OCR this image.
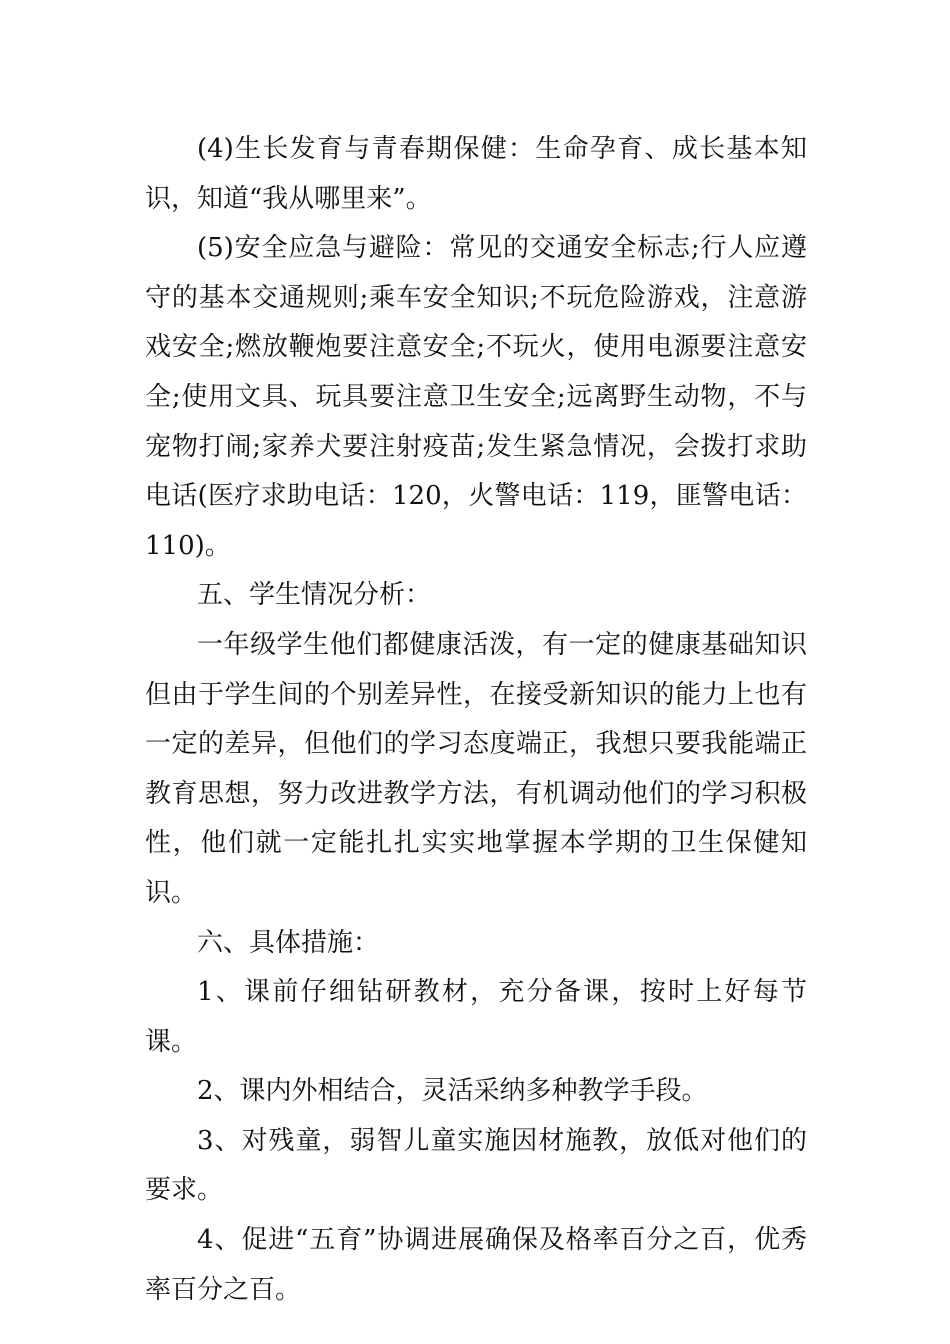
(4)生长发育与青春期保健：生命孕育、成长基本知识，知道“我从哪里来”。

(5)安全应急与避险：常见的交通安全标志;行人应遵守的基本交通规则;乘车安全知识;不玩危险游戏，注意游戏安全;燃放鞭炮要注意安全;不玩火，使用电源要注意安全;使用文具、玩具要注意卫生安全;远离野生动物，不与宠物打闹;家养犬要注射疫苗;发生紧急情况，会拨打求助电话(医疗求助电话：120，火警电话：119，匪警电话：110)。

五、学生情况分析：

一年级学生他们都健康活泼，有一定的健康基础知识但由于学生间的个别差异性，在接受新知识的能力上也有一定的差异，但他们的学习态度端正，我想只要我能端正教育思想，努力改进教学方法，有机调动他们的学习积极性，他们就一定能扎扎实实地掌握本学期的卫生保健知识。

六、具体措施：

1、课前仔细钻研教材，充分备课，按时上好每节课。

2、课内外相结合，灵活采纳多种教学手段。

3、对残童，弱智儿童实施因材施教，放低对他们的要求。

4、促进“五育”协调进展确保及格率百分之百，优秀率百分之百。
